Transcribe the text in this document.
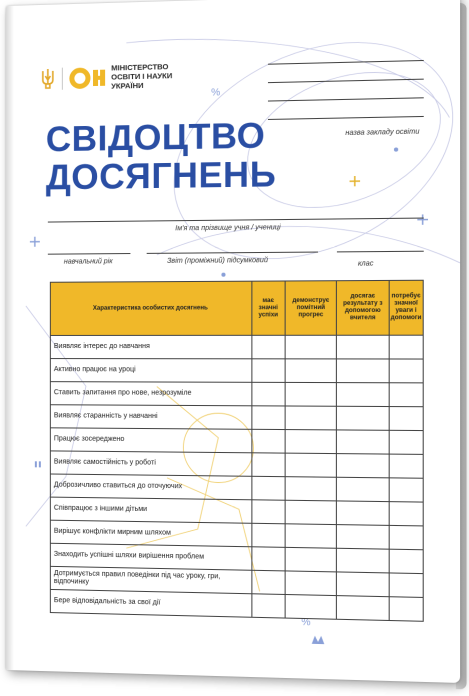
%
%
МІНІСТЕРСТВО
ОСВІТИ І НАУКИ
УКРАЇНИ
назва закладу освіти
СВІДОЦТВО
ДОСЯГНЕНЬ
Ім'я та прізвище учня / учениці
навчальний рік	Звіт (проміжний) підсумковий	клас
Характеристика особистих досягнень	має значні успіхи	демонструє помітний прогрес	досягає результату з допомогою вчителя	потребує значної уваги і допомоги
Виявляє інтерес до навчання				
Активно працює на уроці				
Ставить запитання про нове, незрозуміле				
Виявляє старанність у навчанні				
Працює зосереджено				
Виявляє самостійність у роботі				
Доброзичливо ставиться до оточуючих				
Співпрацює з іншими дітьми				
Вирішує конфлікти мирним шляхом				
Знаходить успішні шляхи вирішення проблем				
Дотримується правил поведінки під час уроку, гри, відпочинку				
Бере відповідальність за свої дії				
